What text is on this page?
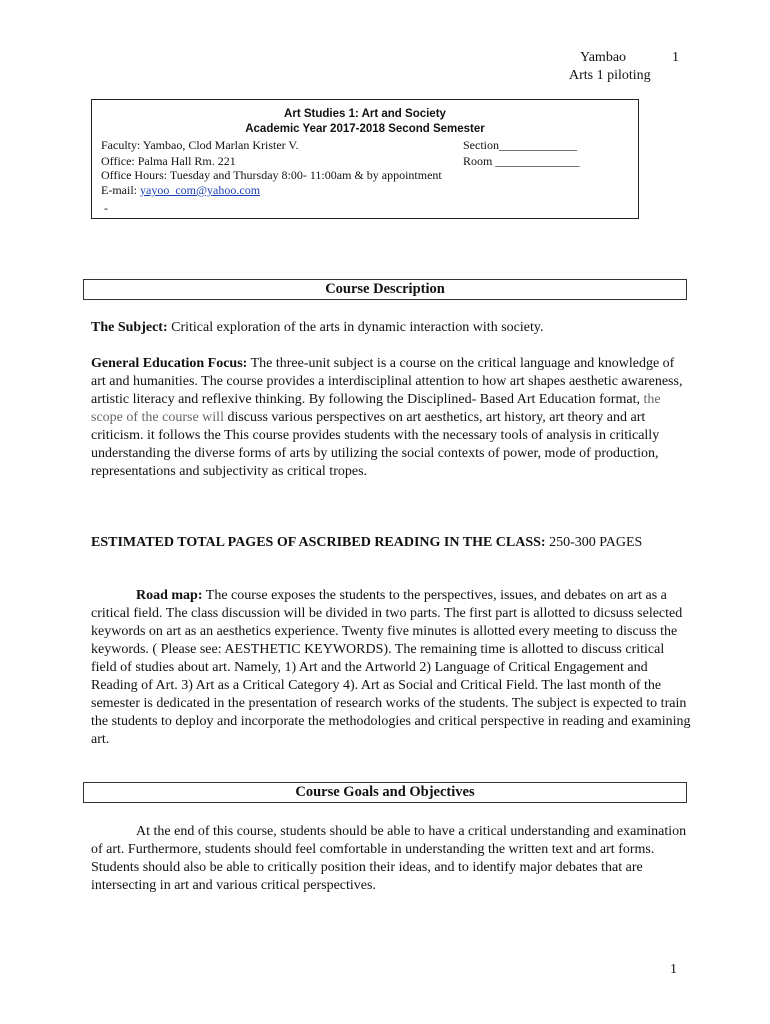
Yambao	1
Arts 1 piloting
Art Studies 1: Art and Society
Academic Year 2017-2018 Second Semester
Faculty: Yambao, Clod Marlan Krister V.	Section_____________
Office: Palma Hall Rm. 221	Room ______________
Office Hours: Tuesday and Thursday 8:00- 11:00am & by appointment
E-mail: yayoo_com@yahoo.com
-
Course Description
The Subject: Critical exploration of the arts in dynamic interaction with society.
General Education Focus: The three-unit subject is a course on the critical language and knowledge of art and humanities. The course provides a interdisciplinal attention to how art shapes aesthetic awareness, artistic literacy and reflexive thinking. By following the Disciplined- Based Art Education format, the scope of the course will discuss various perspectives on art aesthetics, art history, art theory and art criticism. it follows the This course provides students with the necessary tools of analysis in critically understanding the diverse forms of arts by utilizing the social contexts of power, mode of production, representations and subjectivity as critical tropes.
ESTIMATED TOTAL PAGES OF ASCRIBED READING IN THE CLASS: 250-300 PAGES
Road map: The course exposes the students to the perspectives, issues, and debates on art as a critical field. The class discussion will be divided in two parts. The first part is allotted to dicsuss selected keywords on art as an aesthetics experience. Twenty five minutes is allotted every meeting to discuss the keywords. ( Please see: AESTHETIC KEYWORDS). The remaining time is allotted to discuss critical field of studies about art. Namely, 1) Art and the Artworld 2) Language of Critical Engagement and Reading of Art. 3) Art as a Critical Category 4). Art as Social and Critical Field. The last month of the semester is dedicated in the presentation of research works of the students. The subject is expected to train the students to deploy and incorporate the methodologies and critical perspective in reading and examining art.
Course Goals and Objectives
At the end of this course, students should be able to have a critical understanding and examination of art. Furthermore, students should feel comfortable in understanding the written text and art forms. Students should also be able to critically position their ideas, and to identify major debates that are intersecting in art and various critical perspectives.
1
